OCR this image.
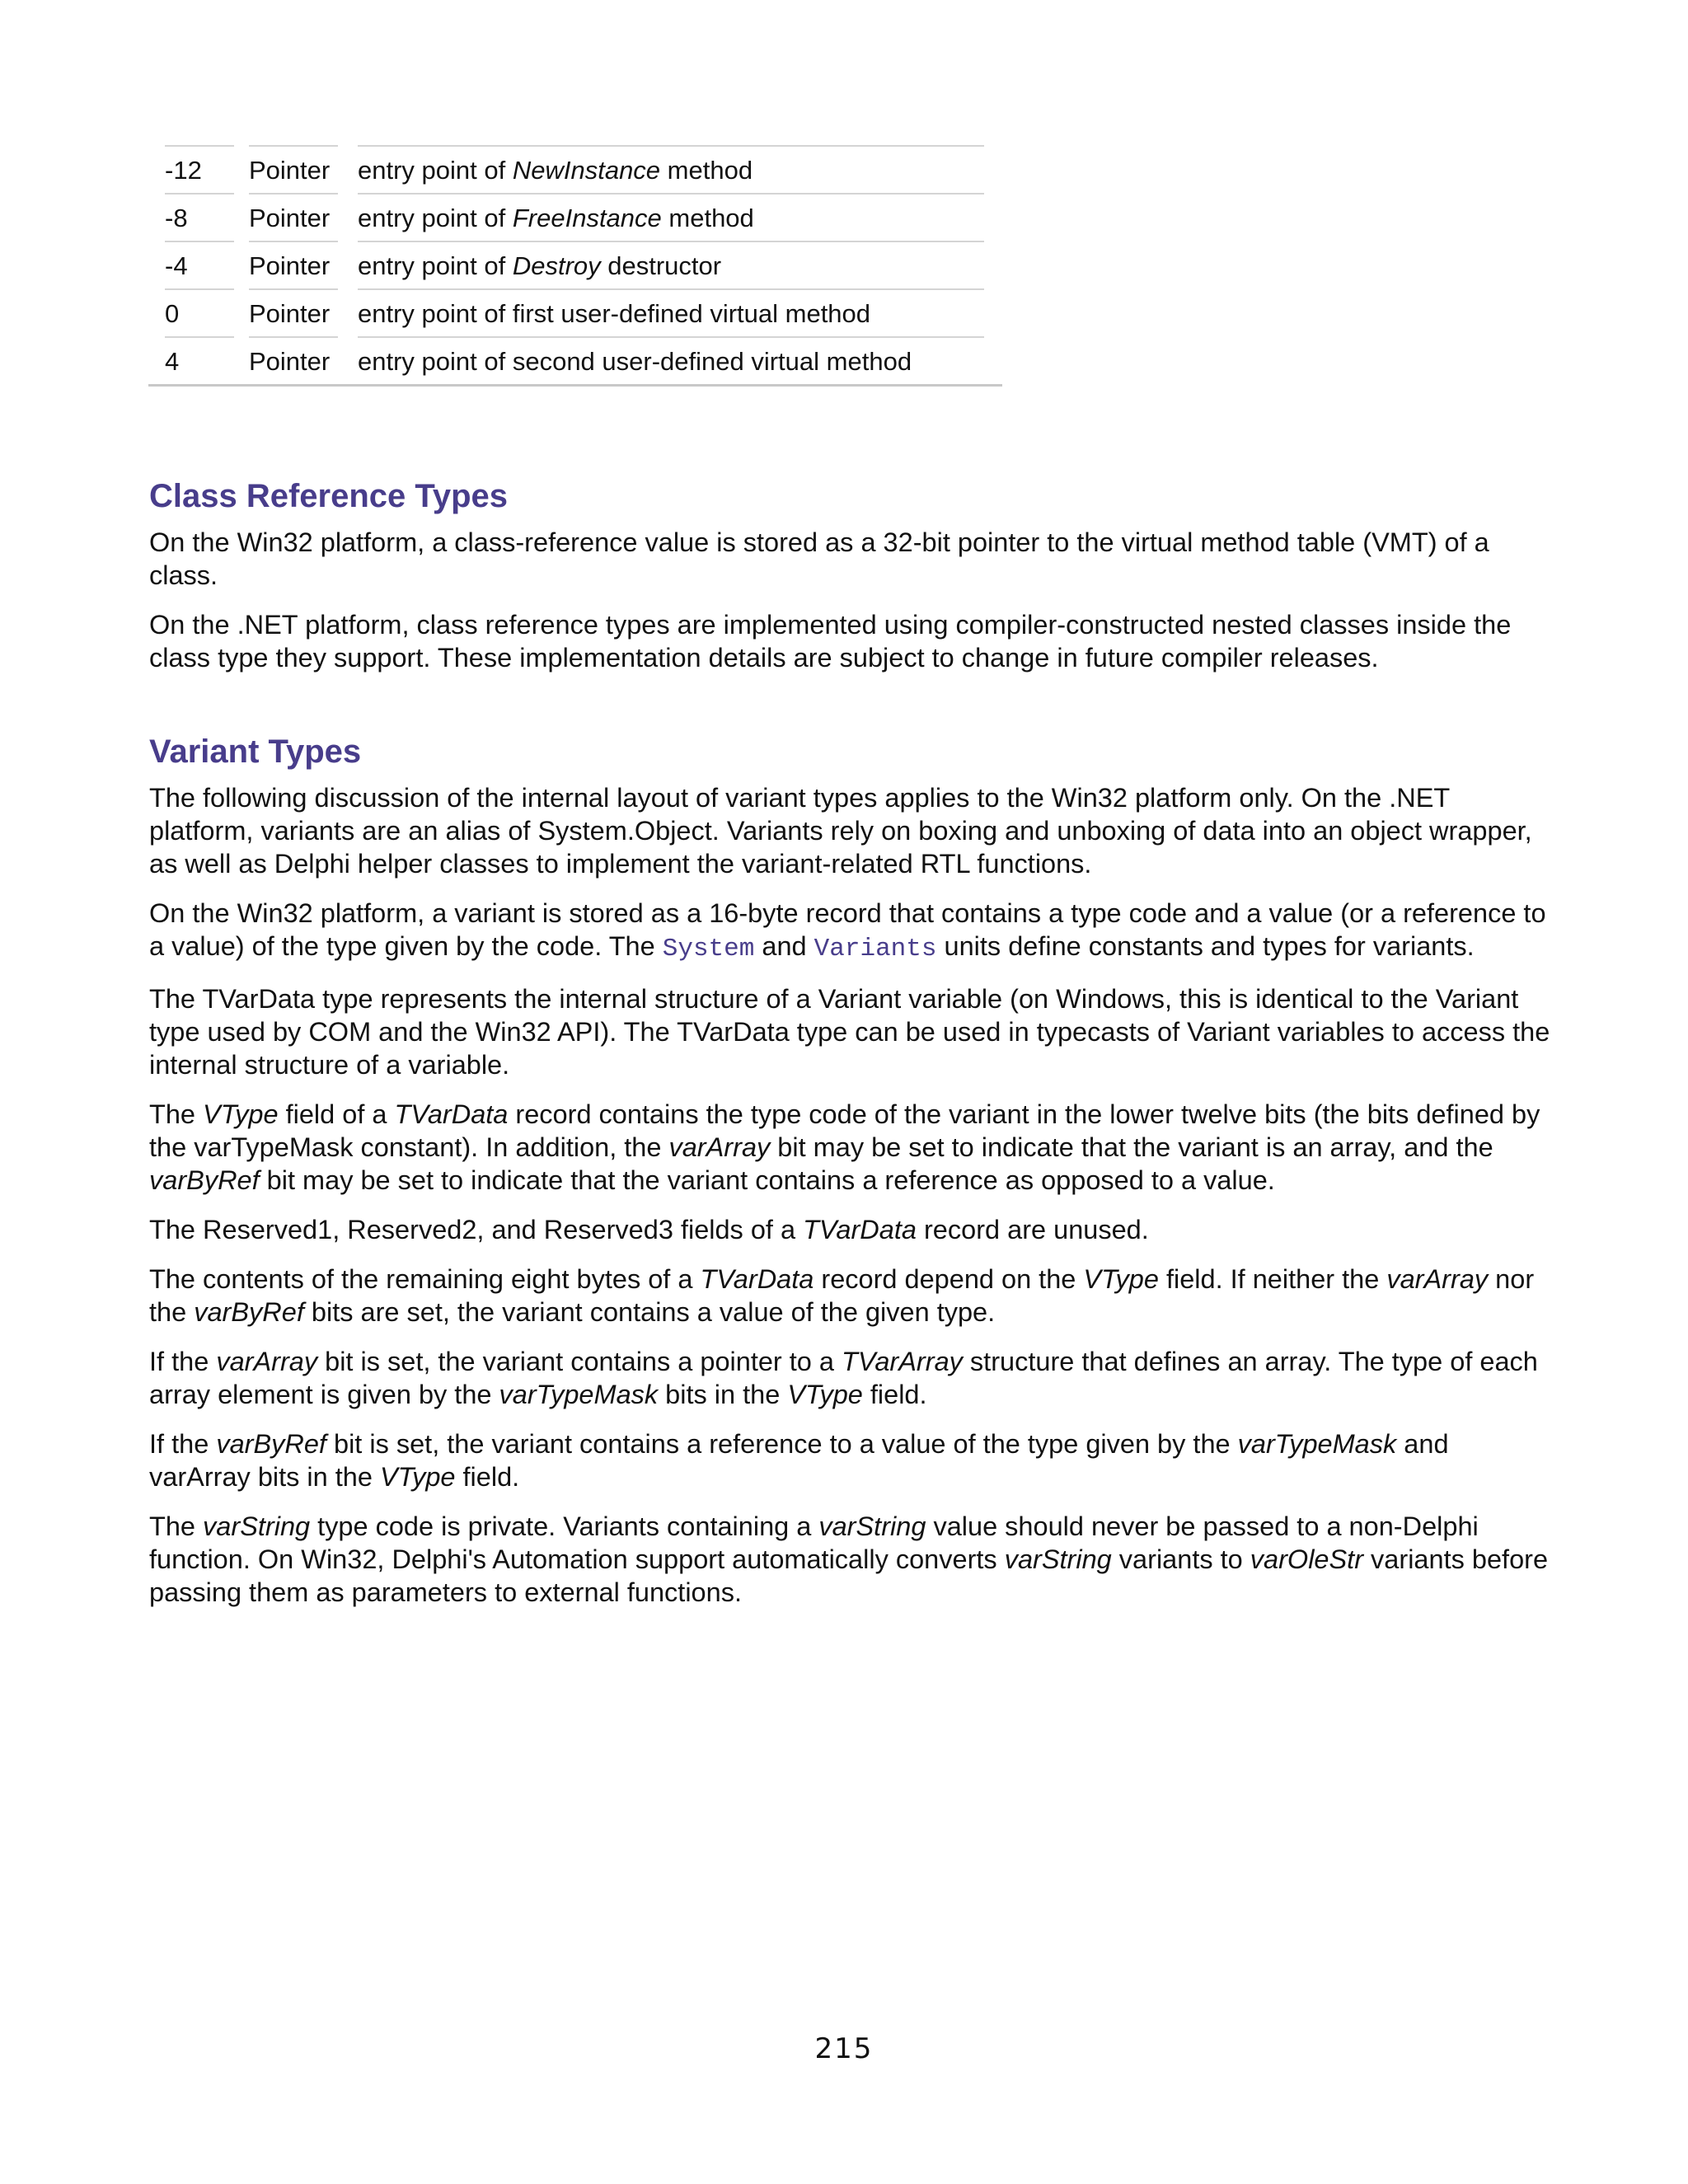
-12	Pointer	entry point of NewInstance method
-8	Pointer	entry point of FreeInstance method
-4	Pointer	entry point of Destroy destructor
0	Pointer	entry point of first user-defined virtual method
4	Pointer	entry point of second user-defined virtual method
Class Reference Types

On the Win32 platform, a class-reference value is stored as a 32-bit pointer to the virtual method table (VMT) of a class.

On the .NET platform, class reference types are implemented using compiler-constructed nested classes inside the class type they support. These implementation details are subject to change in future compiler releases.

Variant Types

The following discussion of the internal layout of variant types applies to the Win32 platform only. On the .NET platform, variants are an alias of System.Object. Variants rely on boxing and unboxing of data into an object wrapper, as well as Delphi helper classes to implement the variant-related RTL functions.

On the Win32 platform, a variant is stored as a 16-byte record that contains a type code and a value (or a reference to a value) of the type given by the code. The System and Variants units define constants and types for variants.

The TVarData type represents the internal structure of a Variant variable (on Windows, this is identical to the Variant type used by COM and the Win32 API). The TVarData type can be used in typecasts of Variant variables to access the internal structure of a variable.

The VType field of a TVarData record contains the type code of the variant in the lower twelve bits (the bits defined by the varTypeMask constant). In addition, the varArray bit may be set to indicate that the variant is an array, and the varByRef bit may be set to indicate that the variant contains a reference as opposed to a value.

The Reserved1, Reserved2, and Reserved3 fields of a TVarData record are unused.

The contents of the remaining eight bytes of a TVarData record depend on the VType field. If neither the varArray nor the varByRef bits are set, the variant contains a value of the given type.

If the varArray bit is set, the variant contains a pointer to a TVarArray structure that defines an array. The type of each array element is given by the varTypeMask bits in the VType field.

If the varByRef bit is set, the variant contains a reference to a value of the type given by the varTypeMask and varArray bits in the VType field.

The varString type code is private. Variants containing a varString value should never be passed to a non-Delphi function. On Win32, Delphi's Automation support automatically converts varString variants to varOleStr variants before passing them as parameters to external functions.

215
